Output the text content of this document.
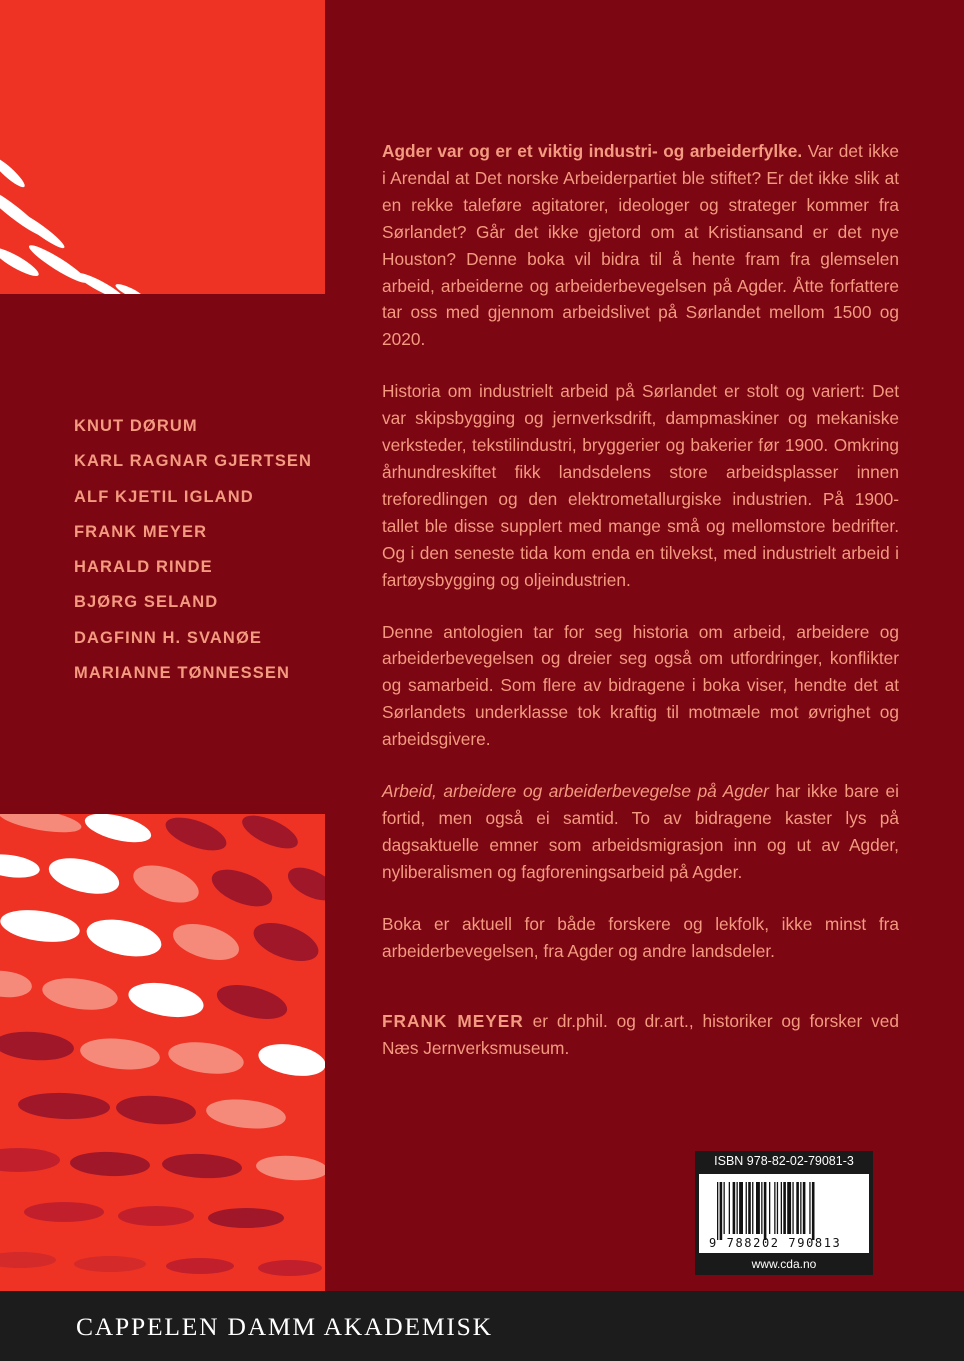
KNUT DØRUM
KARL RAGNAR GJERTSEN
ALF KJETIL IGLAND
FRANK MEYER
HARALD RINDE
BJØRG SELAND
DAGFINN H. SVANØE
MARIANNE TØNNESSEN

Agder var og er et viktig industri- og arbeiderfylke. Var det ikke i Arendal at Det norske Arbeiderpartiet ble stiftet? Er det ikke slik at en rekke taleføre agitatorer, ideologer og strateger kommer fra Sørlandet? Går det ikke gjetord om at Kristiansand er det nye Houston? Denne boka vil bidra til å hente fram fra glemselen arbeid, arbeiderne og arbeiderbevegelsen på Agder. Åtte forfattere tar oss med gjennom arbeidslivet på Sørlandet mellom 1500 og 2020.

Historia om industrielt arbeid på Sørlandet er stolt og variert: Det var skipsbygging og jernverksdrift, dampmaskiner og mekaniske verksteder, tekstilindustri, bryggerier og bakerier før 1900. Omkring århundreskiftet fikk landsdelens store arbeidsplasser innen treforedlingen og den elektrometallurgiske industrien. På 1900-tallet ble disse supplert med mange små og mellomstore bedrifter. Og i den seneste tida kom enda en tilvekst, med industrielt arbeid i fartøysbygging og oljeindustrien.

Denne antologien tar for seg historia om arbeid, arbeidere og arbeiderbevegelsen og dreier seg også om utfordringer, konflikter og samarbeid. Som flere av bidragene i boka viser, hendte det at Sørlandets underklasse tok kraftig til motmæle mot øvrighet og arbeidsgivere.

Arbeid, arbeidere og arbeiderbevegelse på Agder har ikke bare ei fortid, men også ei samtid. To av bidragene kaster lys på dagsaktuelle emner som arbeidsmigrasjon inn og ut av Agder, nyliberalismen og fagforeningsarbeid på Agder.

Boka er aktuell for både forskere og lekfolk, ikke minst fra arbeiderbevegelsen, fra Agder og andre landsdeler.

FRANK MEYER er dr.phil. og dr.art., historiker og forsker ved Næs Jernverksmuseum.

ISBN 978-82-02-79081-3
9 788202 790813
www.cda.no
CAPPELEN DAMM AKADEMISK
